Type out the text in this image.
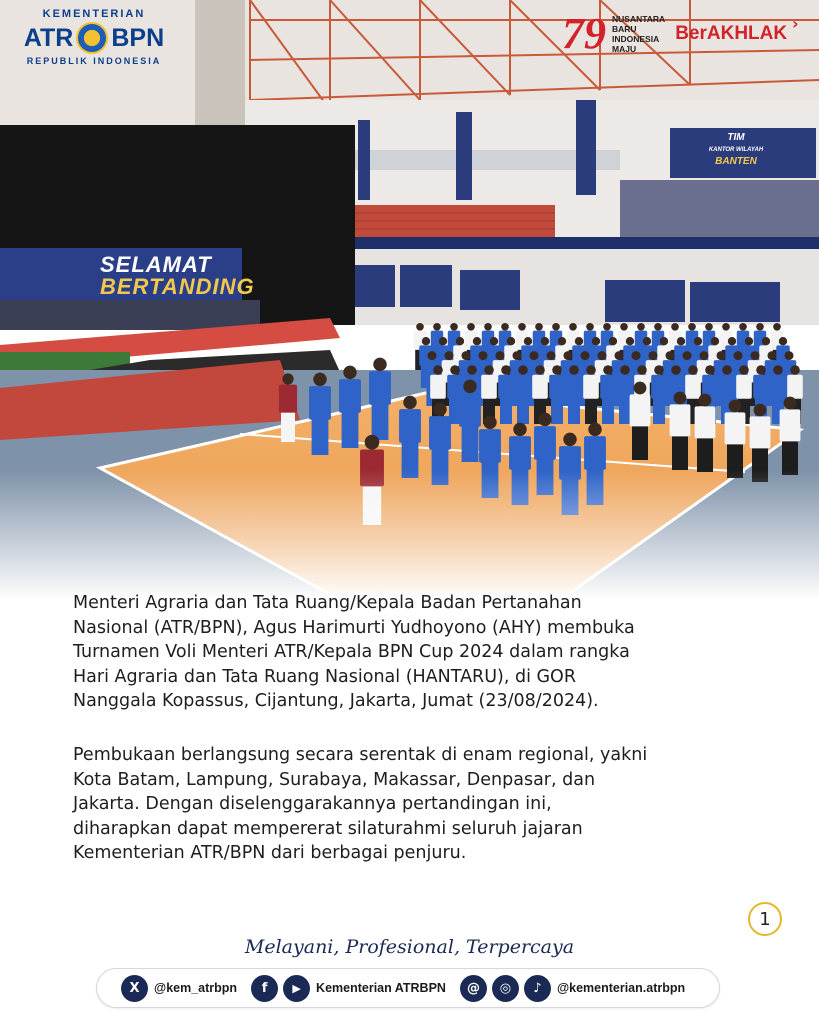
SELAMAT
BERTANDING
TIM
KANTOR WILAYAH
BANTEN
KEMENTERIAN
ATR BPN
REPUBLIK INDONESIA
79 NUSANTARA
BARU
INDONESIA
MAJU
BerAKHLAK ›

Menteri Agraria dan Tata Ruang/Kepala Badan Pertanahan
Nasional (ATR/BPN), Agus Harimurti Yudhoyono (AHY) membuka
Turnamen Voli Menteri ATR/Kepala BPN Cup 2024 dalam rangka
Hari Agraria dan Tata Ruang Nasional (HANTARU), di GOR
Nanggala Kopassus, Cijantung, Jakarta, Jumat (23/08/2024).

Pembukaan berlangsung secara serentak di enam regional, yakni
Kota Batam, Lampung, Surabaya, Makassar, Denpasar, dan
Jakarta. Dengan diselenggarakannya pertandingan ini,
diharapkan dapat mempererat silaturahmi seluruh jajaran
Kementerian ATR/BPN dari berbagai penjuru.

1
Melayani, Profesional, Terpercaya
X	@kem_atrbpn	f	▶	Kementerian ATRBPN	@	◎	♪	@kementerian.atrbpn
